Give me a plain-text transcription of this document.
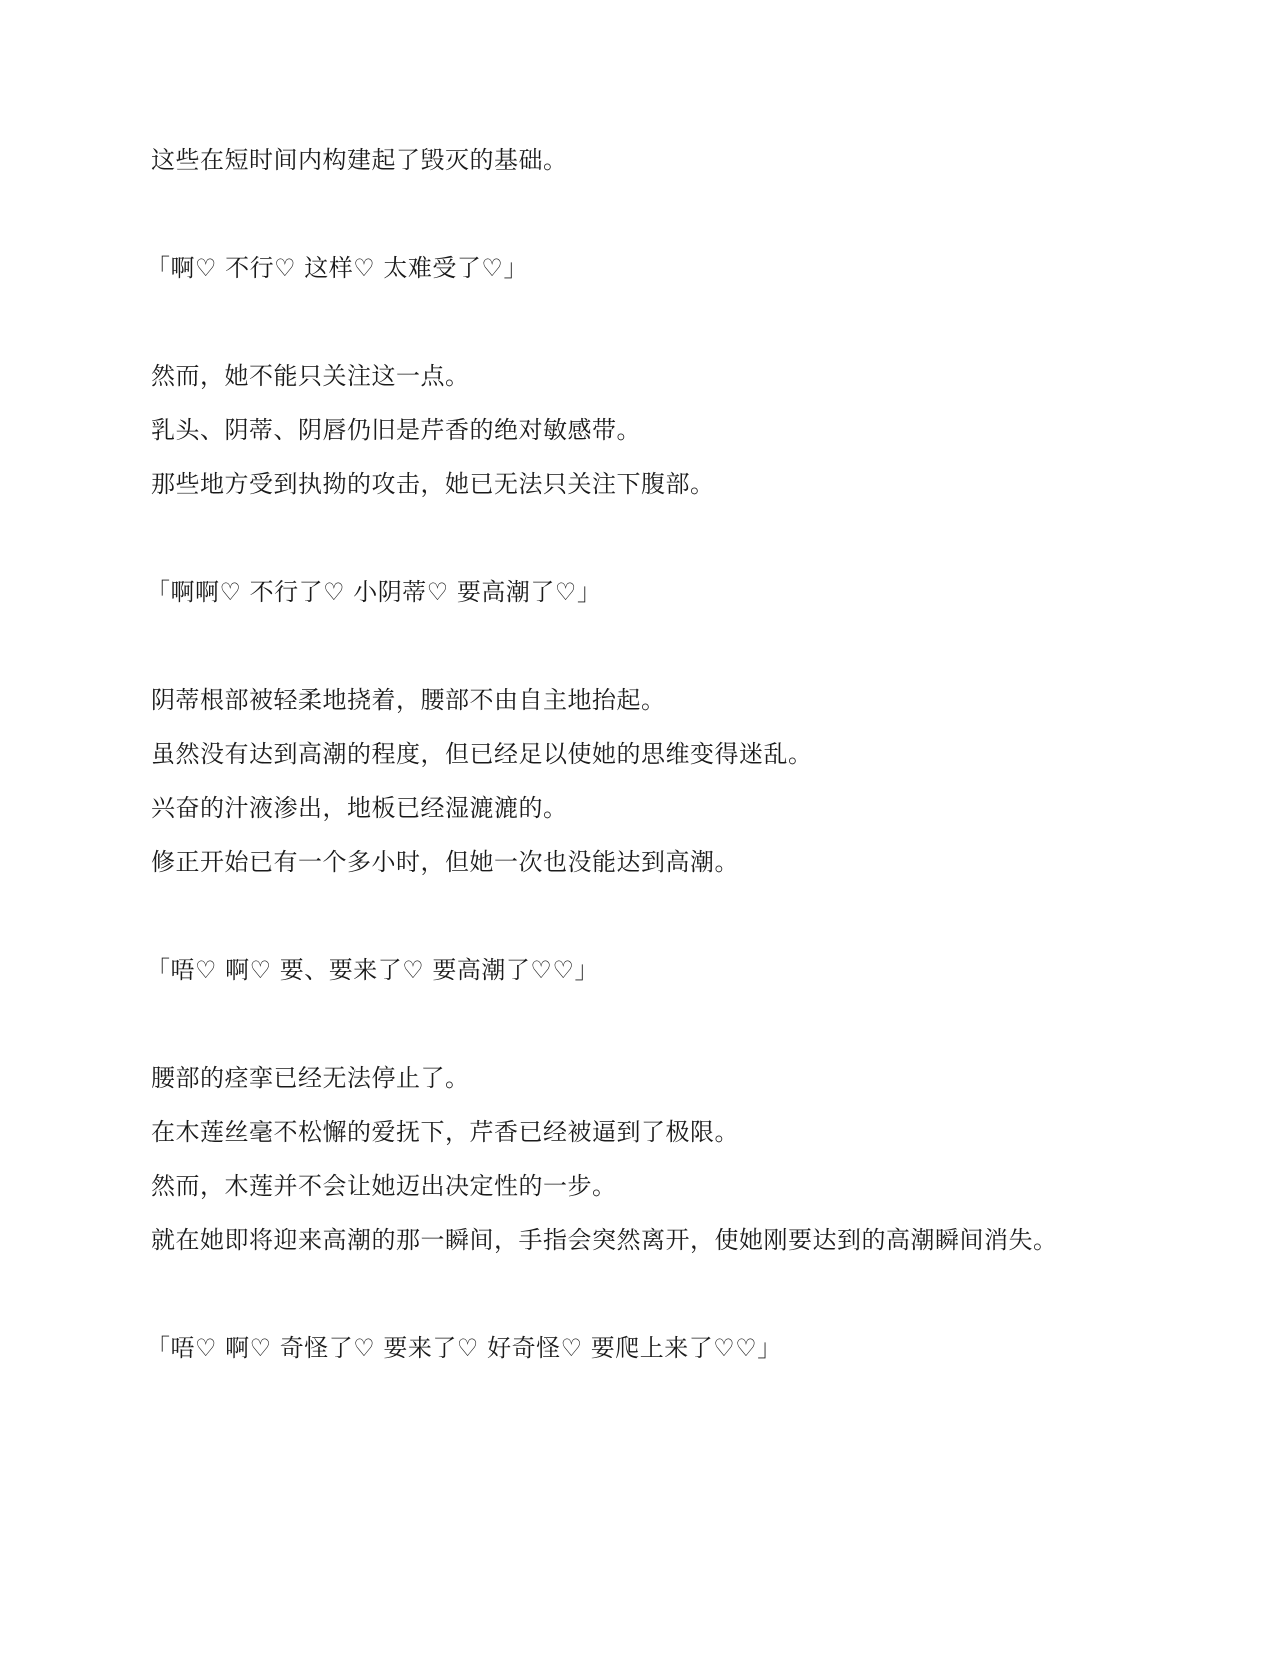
这些在短时间内构建起了毁灭的基础。

「啊♡ 不行♡ 这样♡ 太难受了♡」

然而，她不能只关注这一点。

乳头、阴蒂、阴唇仍旧是芹香的绝对敏感带。

那些地方受到执拗的攻击，她已无法只关注下腹部。

「啊啊♡ 不行了♡ 小阴蒂♡ 要高潮了♡」

阴蒂根部被轻柔地挠着，腰部不由自主地抬起。

虽然没有达到高潮的程度，但已经足以使她的思维变得迷乱。

兴奋的汁液渗出，地板已经湿漉漉的。

修正开始已有一个多小时，但她一次也没能达到高潮。

「唔♡ 啊♡ 要、要来了♡ 要高潮了♡♡」

腰部的痉挛已经无法停止了。

在木莲丝毫不松懈的爱抚下，芹香已经被逼到了极限。

然而，木莲并不会让她迈出决定性的一步。

就在她即将迎来高潮的那一瞬间，手指会突然离开，使她刚要达到的高潮瞬间消失。

「唔♡ 啊♡ 奇怪了♡ 要来了♡ 好奇怪♡ 要爬上来了♡♡」
